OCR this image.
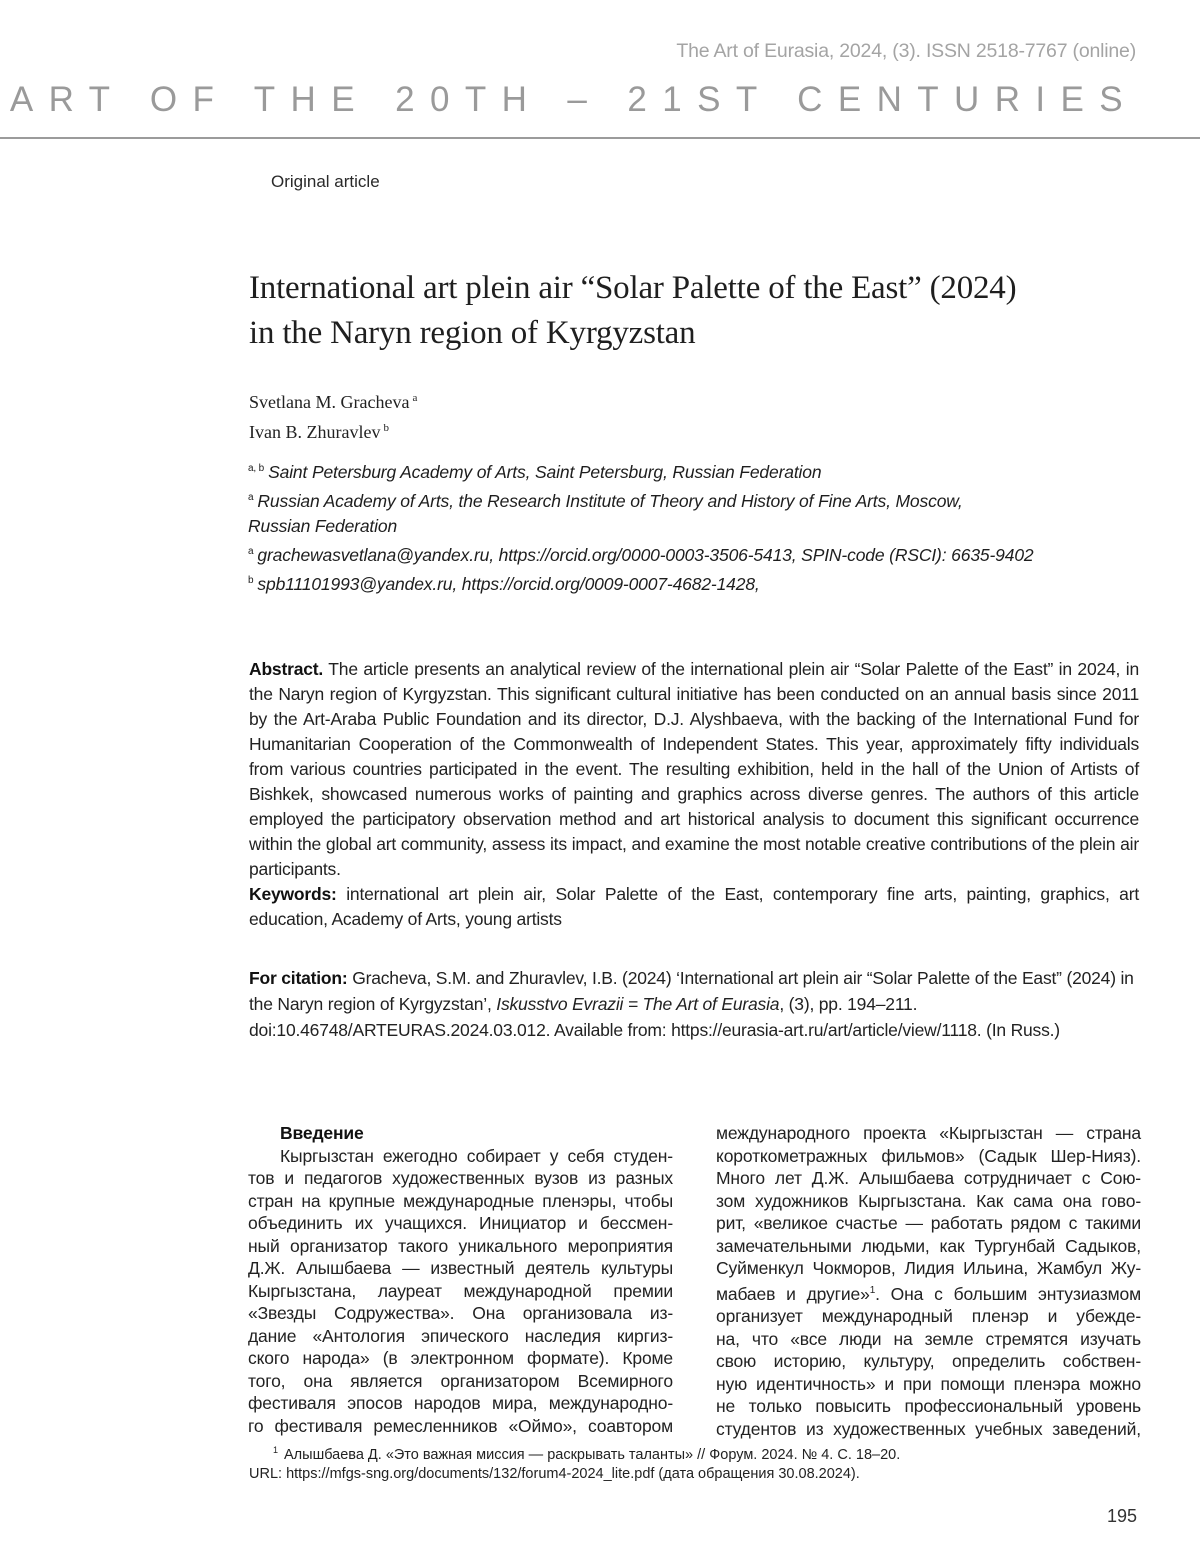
The Art of Eurasia, 2024, (3). ISSN 2518-7767 (online)
ART OF THE 20TH – 21ST CENTURIES
Original article
International art plein air “Solar Palette of the East” (2024)
in the Naryn region of Kyrgyzstan
Svetlana M. Gracheva $^a$
Ivan B. Zhuravlev $^b$
$^{a, b}$ Saint Petersburg Academy of Arts, Saint Petersburg, Russian Federation
$^a$ Russian Academy of Arts, the Research Institute of Theory and History of Fine Arts, Moscow,
Russian Federation
$^a$ grachewasvetlana@yandex.ru, https://orcid.org/0000-0003-3506-5413, SPIN-code (RSCI): 6635-9402
$^b$ spb11101993@yandex.ru, https://orcid.org/0009-0007-4682-1428,
Abstract. The article presents an analytical review of the international plein air “Solar Palette of the East” in 2024, in the Naryn region of Kyrgyzstan. This significant cultural initiative has been conducted on an annual basis since 2011 by the Art-Araba Public Foundation and its director, D.J. Alyshbaeva, with the backing of the International Fund for Humanitarian Cooperation of the Commonwealth of Independent States. This year, approximately fifty individuals from various countries participated in the event. The resulting exhibition, held in the hall of the Union of Artists of Bishkek, showcased numerous works of painting and graphics across diverse genres. The authors of this article employed the participatory observation method and art historical analysis to document this significant occurrence within the global art community, assess its impact, and examine the most notable creative contributions of the plein air participants.
Keywords: international art plein air, Solar Palette of the East, contemporary fine arts, painting, graphics, art education, Academy of Arts, young artists
For citation: Gracheva, S.M. and Zhuravlev, I.B. (2024) ‘International art plein air “Solar Palette of the East” (2024) in the Naryn region of Kyrgyzstan’, Iskusstvo Evrazii = The Art of Eurasia, (3), pp. 194–211. doi:10.46748/ARTEURAS.2024.03.012. Available from: https://eurasia-art.ru/art/article/view/1118. (In Russ.)

Введение

Кыргызстан ежегодно собирает у себя студен-
тов и педагогов художественных вузов из разных
стран на крупные международные пленэры, чтобы
объединить их учащихся. Инициатор и бессмен-
ный организатор такого уникального мероприятия
Д.Ж. Алышбаева — известный деятель культуры
Кыргызстана, лауреат международной премии
«Звезды Содружества». Она организовала из-
дание «Антология эпического наследия киргиз-
ского народа» (в электронном формате). Кроме
того, она является организатором Всемирного
фестиваля эпосов народов мира, международно-
го фестиваля ремесленников «Оймо», соавтором
международного проекта «Кыргызстан — страна
короткометражных фильмов» (Садык Шер-Нияз).
Много лет Д.Ж. Алышбаева сотрудничает с Сою-
зом художников Кыргызстана. Как сама она гово-
рит, «великое счастье — работать рядом с такими
замечательными людьми, как Тургунбай Садыков,
Суйменкул Чокморов, Лидия Ильина, Жамбул Жу-
мабаев и другие»$^1$. Она с большим энтузиазмом
организует международный пленэр и убежде-
на, что «все люди на земле стремятся изучать
свою историю, культуру, определить собствен-
ную идентичность» и при помощи пленэра можно
не только повысить профессиональный уровень
студентов из художественных учебных заведений,
$^1$ Алышбаева Д. «Это важная миссия — раскрывать таланты» // Форум. 2024. № 4. С. 18–20.
URL: https://mfgs-sng.org/documents/132/forum4-2024_lite.pdf (дата обращения 30.08.2024).
195
